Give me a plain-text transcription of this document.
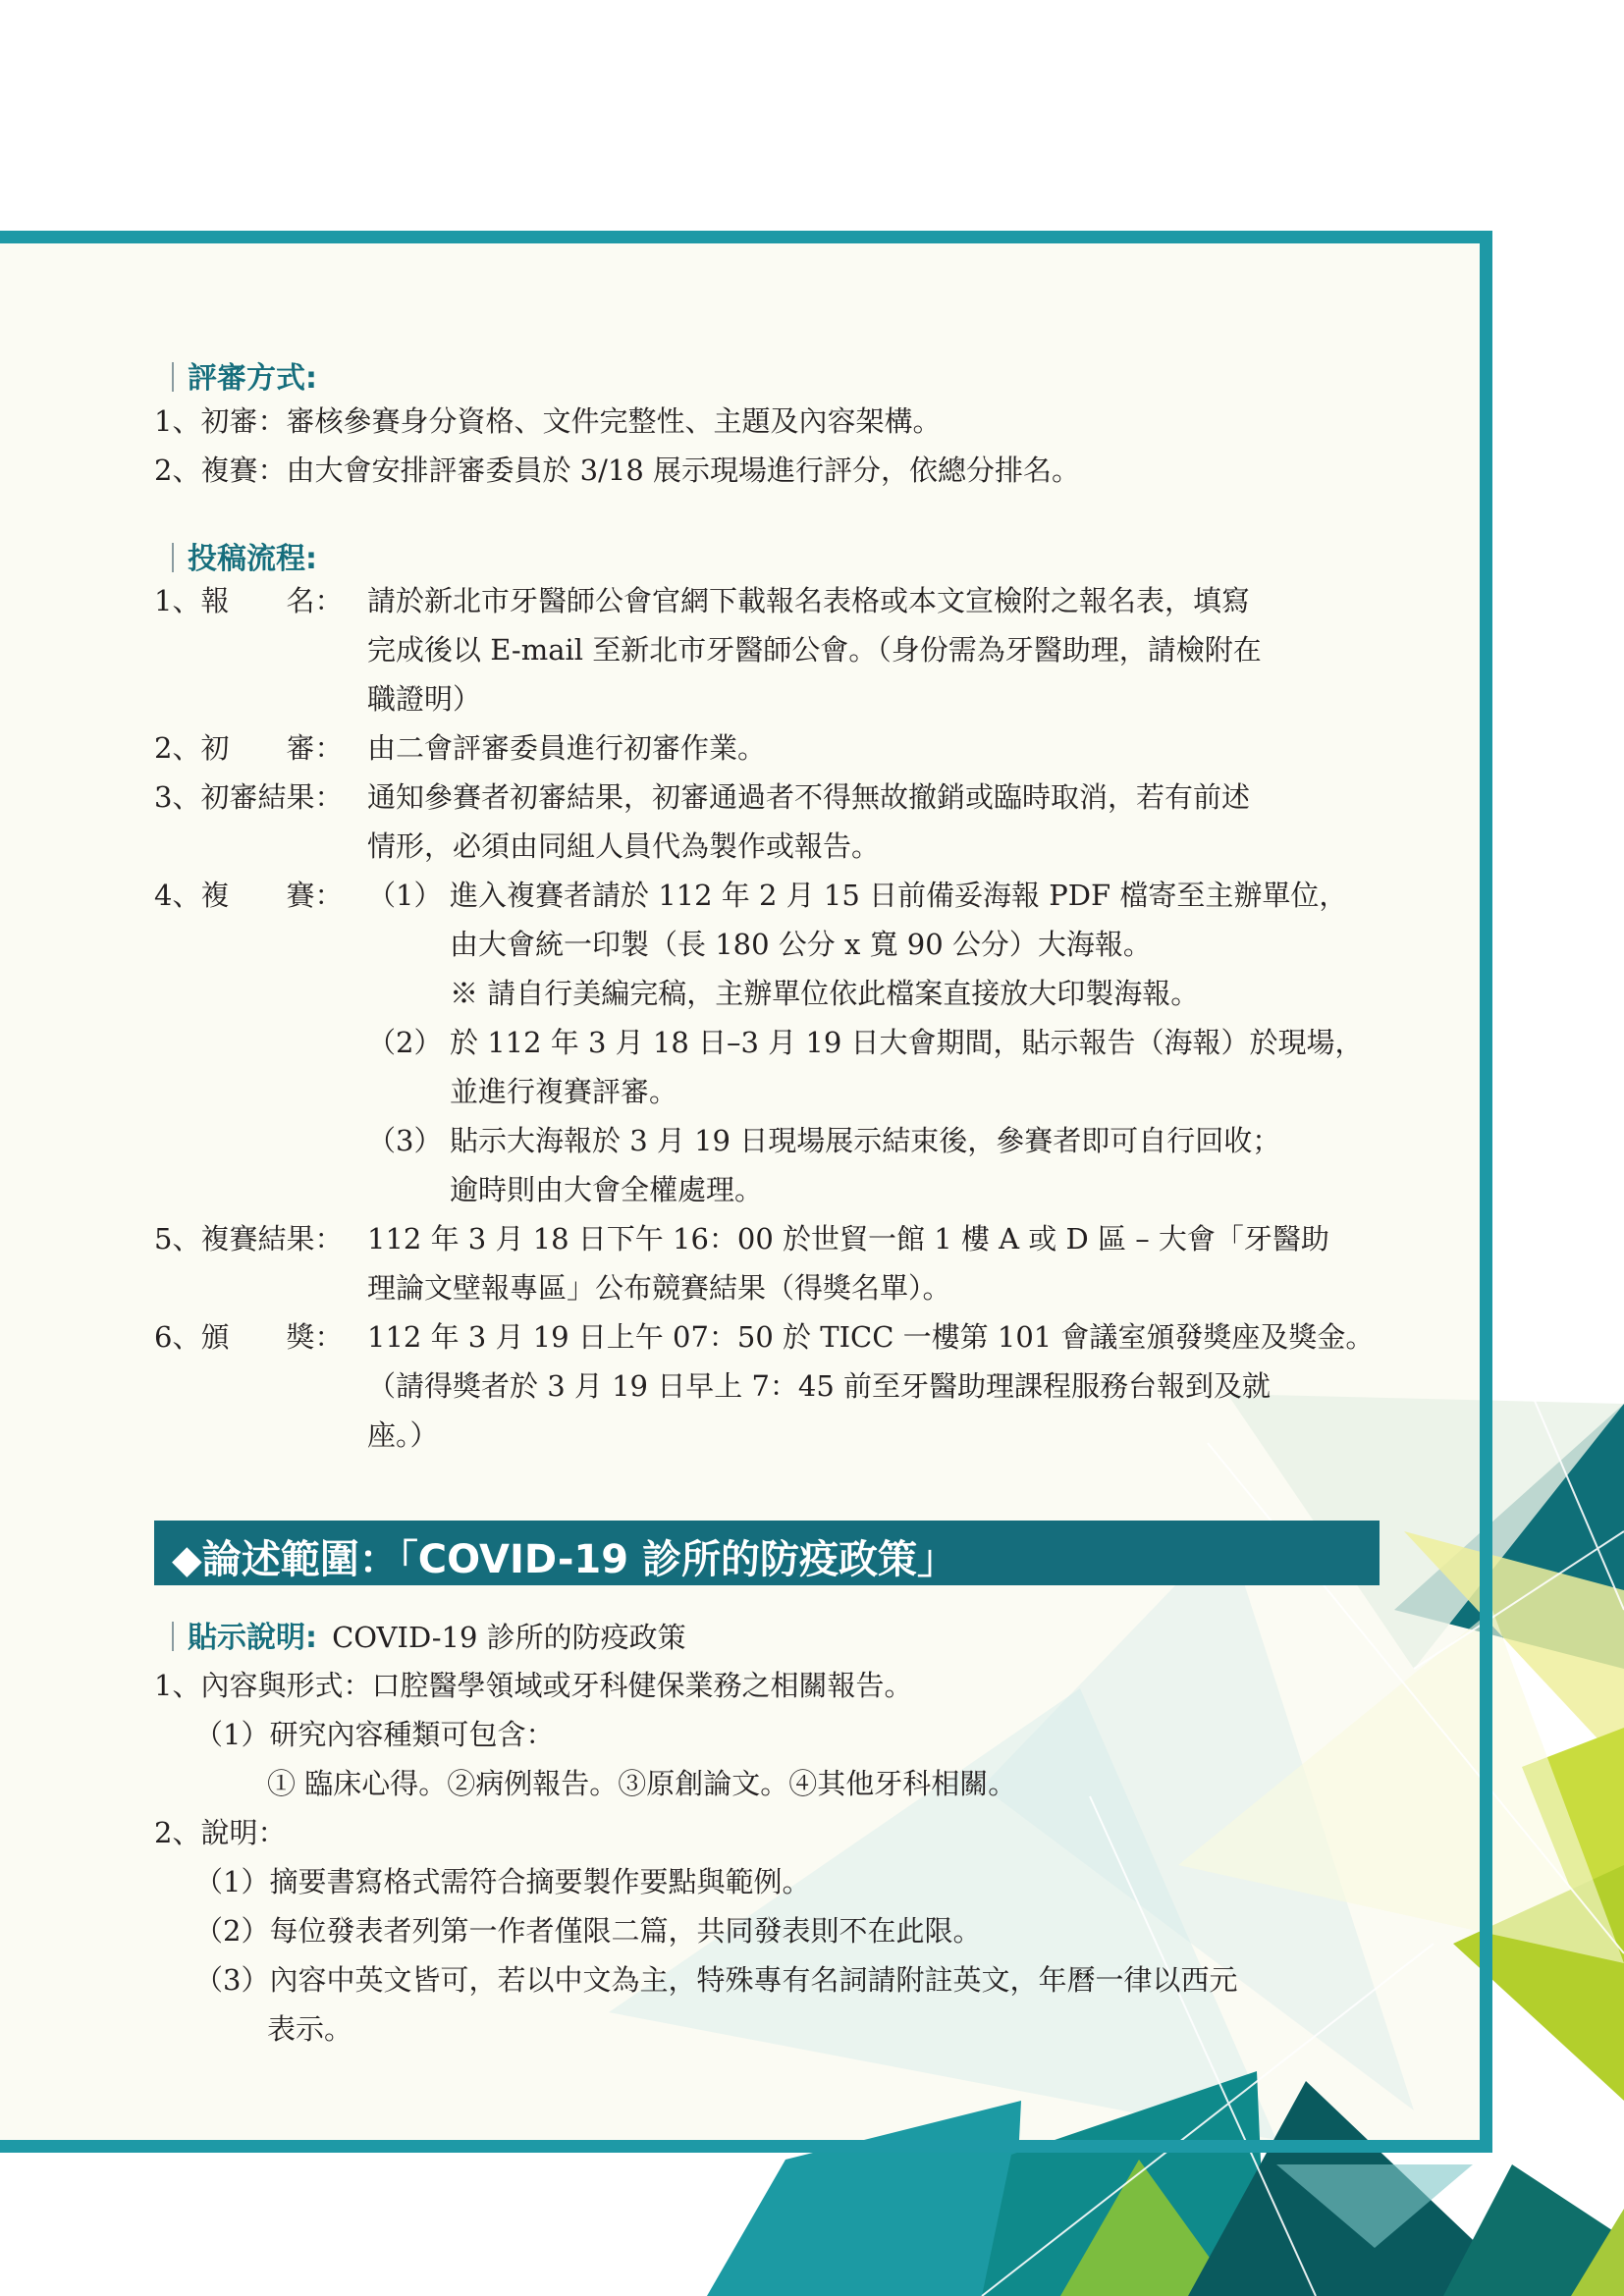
評審方式:
1、初審：審核參賽身分資格、文件完整性、主題及內容架構。
2、複賽：由大會安排評審委員於 3/18 展示現場進行評分，依總分排名。
投稿流程:
1、報　　名： 請於新北市牙醫師公會官網下載報名表格或本文宣檢附之報名表，填寫
完成後以 E-mail 至新北市牙醫師公會。（身份需為牙醫助理，請檢附在
職證明）
2、初　　審： 由二會評審委員進行初審作業。
3、初審結果： 通知參賽者初審結果，初審通過者不得無故撤銷或臨時取消，若有前述
情形，必須由同組人員代為製作或報告。
4、複　　賽： （1） 進入複賽者請於 112 年 2 月 15 日前備妥海報 PDF 檔寄至主辦單位，
由大會統一印製（長 180 公分 x 寬 90 公分）大海報。
※ 請自行美編完稿，主辦單位依此檔案直接放大印製海報。
（2） 於 112 年 3 月 18 日–3 月 19 日大會期間，貼示報告（海報）於現場，
並進行複賽評審。
（3） 貼示大海報於 3 月 19 日現場展示結束後，參賽者即可自行回收；
逾時則由大會全權處理。
5、複賽結果： 112 年 3 月 18 日下午 16：00 於世貿一館 1 樓 A 或 D 區 – 大會「牙醫助
理論文壁報專區」公布競賽結果（得獎名單）。
6、頒　　獎： 112 年 3 月 19 日上午 07：50 於 TICC 一樓第 101 會議室頒發獎座及獎金。
（請得獎者於 3 月 19 日早上 7：45 前至牙醫助理課程服務台報到及就
座。）
◆論述範圍：「COVID-19 診所的防疫政策」
貼示說明: COVID-19 診所的防疫政策
1、內容與形式：口腔醫學領域或牙科健保業務之相關報告。
（1）研究內容種類可包含：
① 臨床心得。②病例報告。③原創論文。④其他牙科相關。
2、說明：
（1）摘要書寫格式需符合摘要製作要點與範例。
（2）每位發表者列第一作者僅限二篇，共同發表則不在此限。
（3）內容中英文皆可，若以中文為主，特殊專有名詞請附註英文，年曆一律以西元
表示。
